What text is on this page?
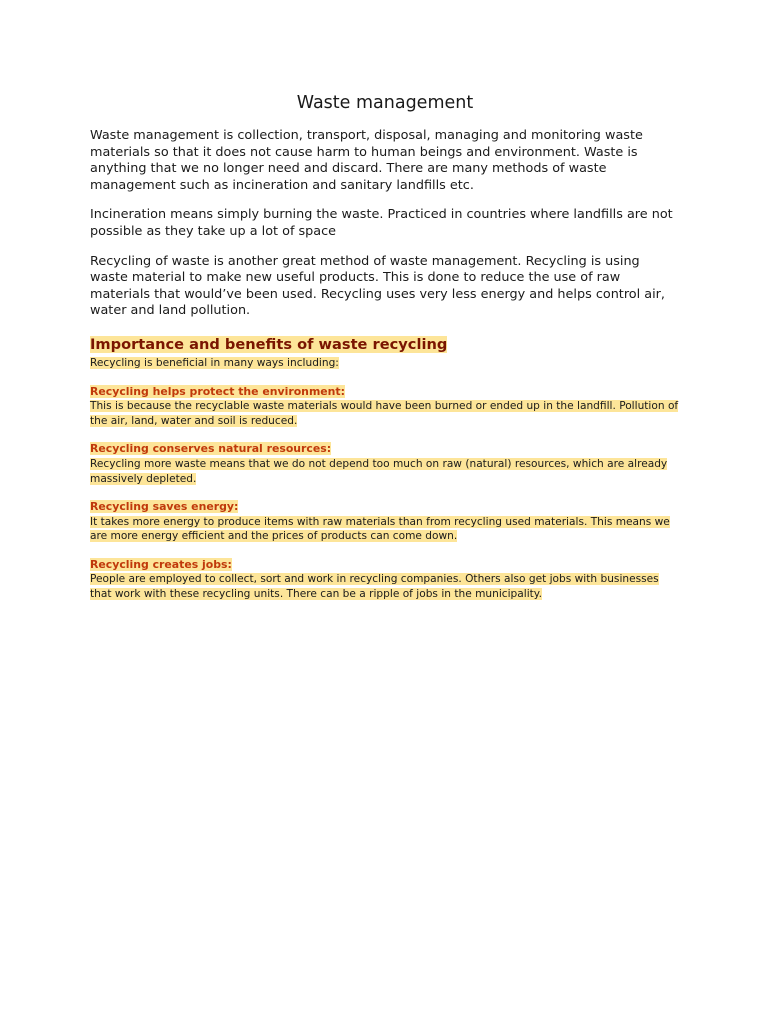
Waste management

Waste management is collection, transport, disposal, managing and monitoring waste materials so that it does not cause harm to human beings and environment. Waste is anything that we no longer need and discard. There are many methods of waste management such as incineration and sanitary landfills etc.

Incineration means simply burning the waste. Practiced in countries where landfills are not possible as they take up a lot of space

Recycling of waste is another great method of waste management. Recycling is using waste material to make new useful products. This is done to reduce the use of raw materials that would’ve been used. Recycling uses very less energy and helps control air, water and land pollution.

Importance and benefits of waste recycling
Recycling is beneficial in many ways including:
Recycling helps protect the environment:
This is because the recyclable waste materials would have been burned or ended up in the landfill. Pollution of the air, land, water and soil is reduced.
Recycling conserves natural resources:
Recycling more waste means that we do not depend too much on raw (natural) resources, which are already massively depleted.
Recycling saves energy:
It takes more energy to produce items with raw materials than from recycling used materials. This means we are more energy efficient and the prices of products can come down.
Recycling creates jobs:
People are employed to collect, sort and work in recycling companies. Others also get jobs with businesses that work with these recycling units. There can be a ripple of jobs in the municipality.
